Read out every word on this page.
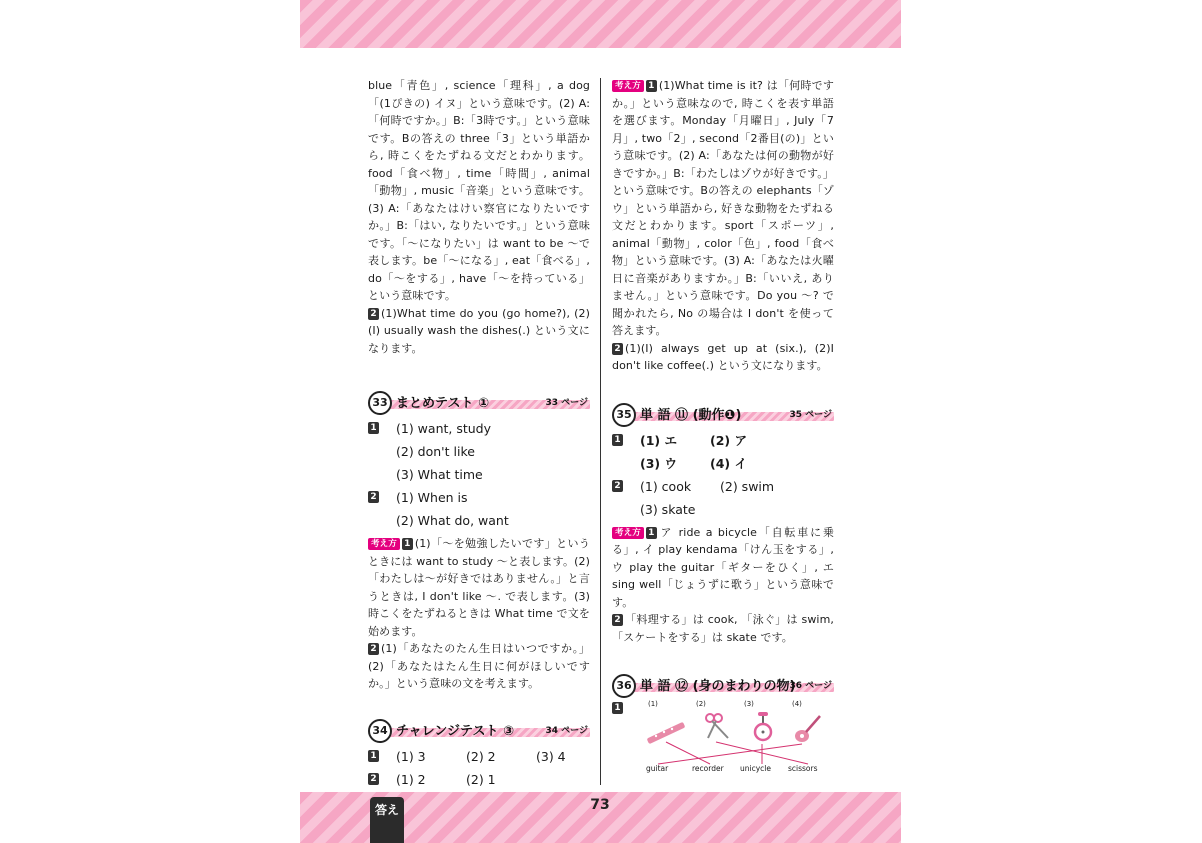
blue「青色」, science「理科」, a dog「(1ぴきの) イヌ」という意味です。(2) A:「何時ですか。」B:「3時です。」という意味です。Bの答えの three「3」という単語から, 時こくをたずねる文だとわかります。food「食べ物」, time「時間」, animal「動物」, music「音楽」という意味です。(3) A:「あなたはけい察官になりたいですか。」B:「はい, なりたいです。」という意味です。「〜になりたい」は want to be 〜で表します。be「〜になる」, eat「食べる」, do「〜をする」, have「〜を持っている」という意味です。

2 (1)What time do you (go home?), (2)(I) usually wash the dishes(.) という文になります。

33 まとめテスト ①	33 ページ
1 (1) want, study
(2) don't like
(3) What time
2 (1) When is
(2) What do, want

考え方 1 (1)「〜を勉強したいです」というときには want to study 〜と表します。(2)「わたしは〜が好きではありません。」と言うときは, I don't like 〜. で表します。(3) 時こくをたずねるときは What time で文を始めます。

2 (1)「あなたのたん生日はいつですか。」(2)「あなたはたん生日に何がほしいですか。」という意味の文を考えます。

34 チャレンジテスト ③	34 ページ
1 (1) 3	(2) 2	(3) 4
2 (1) 2	(2) 1

考え方 1 (1)What time is it? は「何時ですか。」という意味なので, 時こくを表す単語を選びます。Monday「月曜日」, July「7月」, two「2」, second「2番目(の)」という意味です。(2) A:「あなたは何の動物が好きですか。」B:「わたしはゾウが好きです。」という意味です。Bの答えの elephants「ゾウ」という単語から, 好きな動物をたずねる文だとわかります。sport「スポーツ」, animal「動物」, color「色」, food「食べ物」という意味です。(3) A:「あなたは火曜日に音楽がありますか。」B:「いいえ, ありません。」という意味です。Do you 〜? で聞かれたら, No の場合は I don't を使って答えます。

2 (1)(I) always get up at (six.), (2)I don't like coffee(.) という文になります。

35 単 語 ⑪ (動作❶)	35 ページ
1 (1) エ	(2) ア
(3) ウ	(4) イ
2 (1) cook (2) swim
(3) skate

考え方 1 ア ride a bicycle「自転車に乗る」, イ play kendama「けん玉をする」, ウ play the guitar「ギターをひく」, エ sing well「じょうずに歌う」という意味です。

2 「料理する」は cook, 「泳ぐ」は swim, 「スケートをする」は skate です。

36 単 語 ⑫ (身のまわりの物)
36 ページ
1	(1)	(2)	(3)	(4)
guitar	recorder unicycle scissors
答え	73
